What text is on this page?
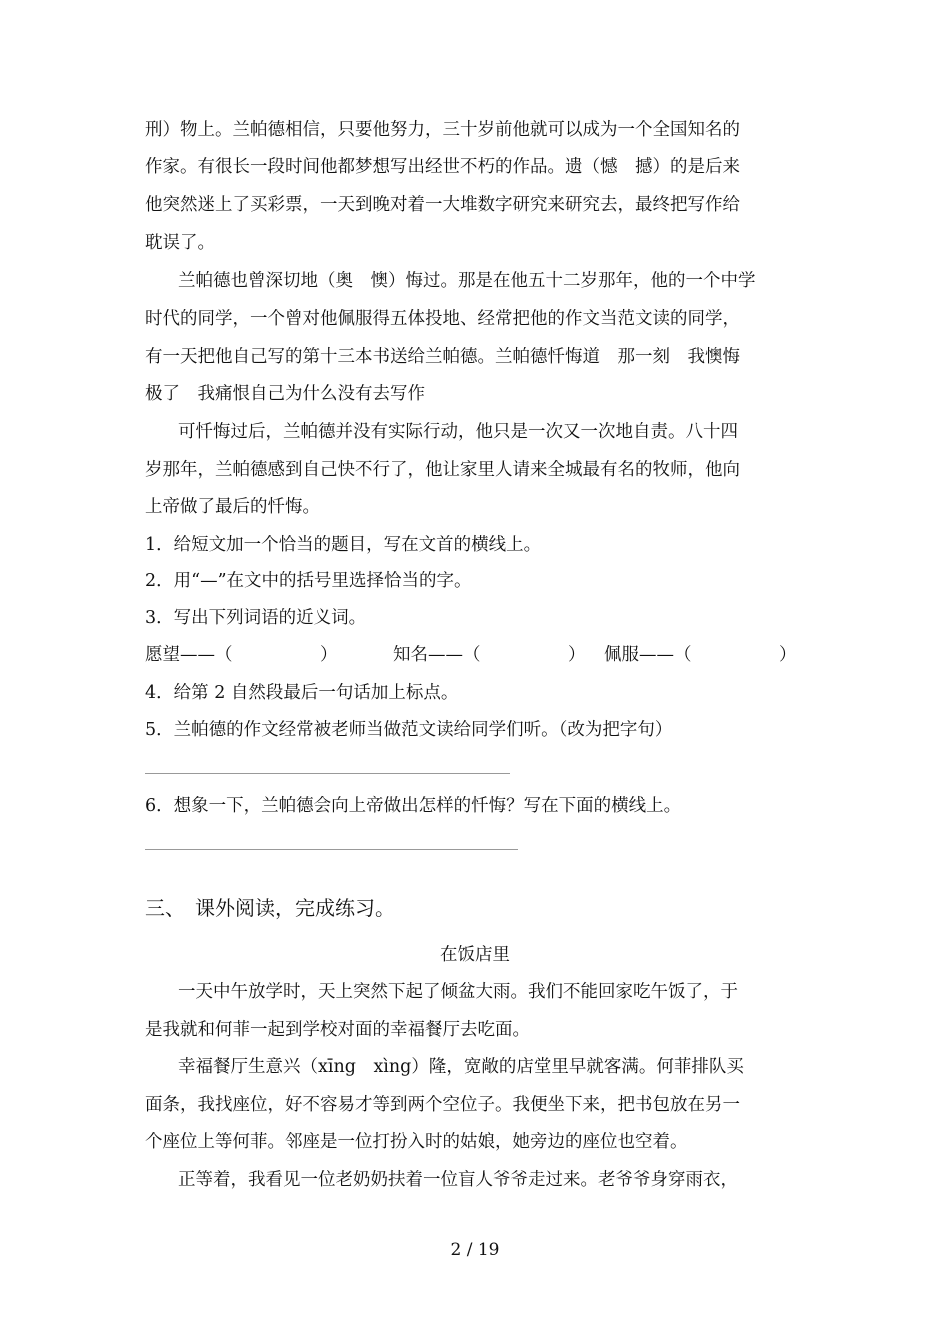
刑）物上。兰帕德相信，只要他努力，三十岁前他就可以成为一个全国知名的
作家。有很长一段时间他都梦想写出经世不朽的作品。遗（憾　撼）的是后来
他突然迷上了买彩票，一天到晚对着一大堆数字研究来研究去，最终把写作给
耽误了。
兰帕德也曾深切地（奥　懊）悔过。那是在他五十二岁那年，他的一个中学
时代的同学，一个曾对他佩服得五体投地、经常把他的作文当范文读的同学，
有一天把他自己写的第十三本书送给兰帕德。兰帕德忏悔道　那一刻　我懊悔
极了　我痛恨自己为什么没有去写作
可忏悔过后，兰帕德并没有实际行动，他只是一次又一次地自责。八十四
岁那年，兰帕德感到自己快不行了，他让家里人请来全城最有名的牧师，他向
上帝做了最后的忏悔。
1．给短文加一个恰当的题目，写在文首的横线上。
2．用“—”在文中的括号里选择恰当的字。
3．写出下列词语的近义词。
愿望——（　　　　　）	知名——（　　　　　） 佩服——（　　　　　）
4．给第 2 自然段最后一句话加上标点。
5．兰帕德的作文经常被老师当做范文读给同学们听。（改为把字句）
6．想象一下，兰帕德会向上帝做出怎样的忏悔？写在下面的横线上。
三、　课外阅读，完成练习。
在饭店里
一天中午放学时，天上突然下起了倾盆大雨。我们不能回家吃午饭了，于
是我就和何菲一起到学校对面的幸福餐厅去吃面。
幸福餐厅生意兴（xīng　xìng）隆，宽敞的店堂里早就客满。何菲排队买
面条，我找座位，好不容易才等到两个空位子。我便坐下来，把书包放在另一
个座位上等何菲。邻座是一位打扮入时的姑娘，她旁边的座位也空着。
正等着，我看见一位老奶奶扶着一位盲人爷爷走过来。老爷爷身穿雨衣，
2 / 19
